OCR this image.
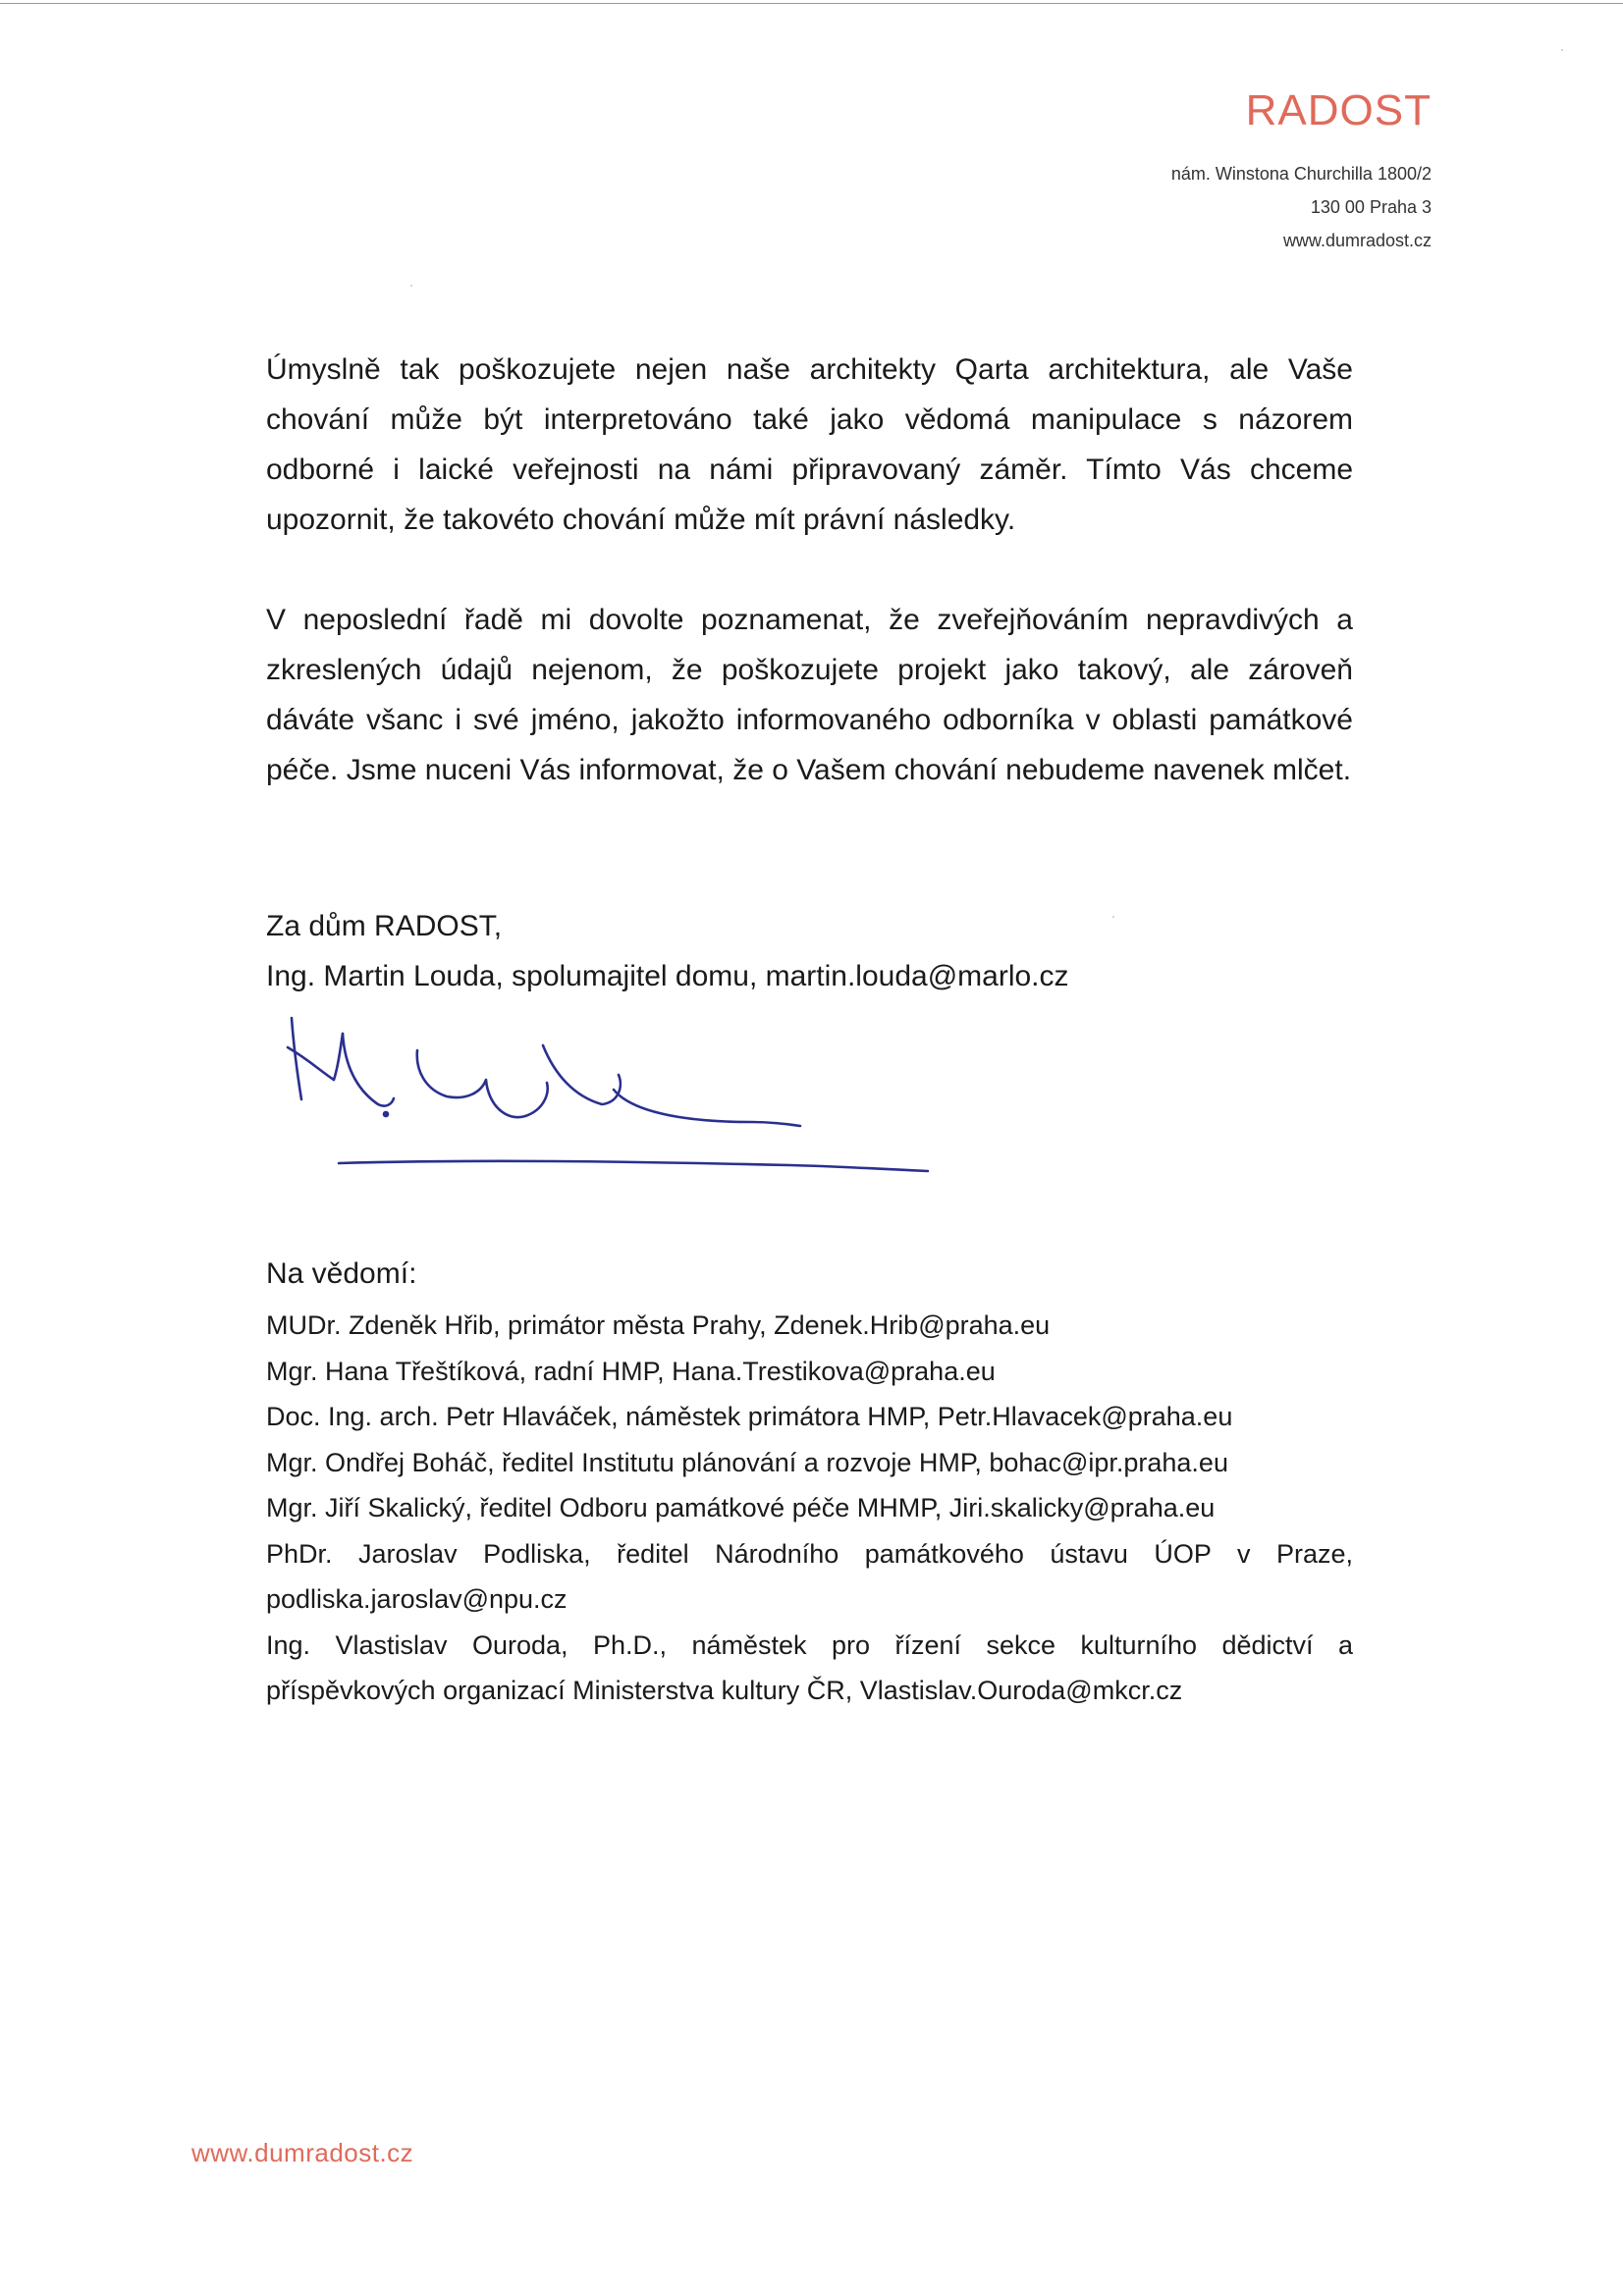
RADOST
nám. Winstona Churchilla 1800/2
130 00 Praha 3
www.dumradost.cz

Úmyslně tak poškozujete nejen naše architekty Qarta architektura, ale Vaše chování může být interpretováno také jako vědomá manipulace s názorem odborné i laické veřejnosti na námi připravovaný záměr. Tímto Vás chceme upozornit, že takovéto chování může mít právní následky.

V neposlední řadě mi dovolte poznamenat, že zveřejňováním nepravdivých a zkreslených údajů nejenom, že poškozujete projekt jako takový, ale zároveň dáváte všanc i své jméno, jakožto informovaného odborníka v oblasti památkové péče. Jsme nuceni Vás informovat, že o Vašem chování nebudeme navenek mlčet.

Za dům RADOST,
Ing. Martin Louda, spolumajitel domu, martin.louda@marlo.cz
Na vědomí:
MUDr. Zdeněk Hřib, primátor města Prahy, Zdenek.Hrib@praha.eu
Mgr. Hana Třeštíková, radní HMP, Hana.Trestikova@praha.eu
Doc. Ing. arch. Petr Hlaváček, náměstek primátora HMP, Petr.Hlavacek@praha.eu
Mgr. Ondřej Boháč, ředitel Institutu plánování a rozvoje HMP, bohac@ipr.praha.eu
Mgr. Jiří Skalický, ředitel Odboru památkové péče MHMP, Jiri.skalicky@praha.eu
PhDr. Jaroslav Podliska, ředitel Národního památkového ústavu ÚOP v Praze, podliska.jaroslav@npu.cz
Ing. Vlastislav Ouroda, Ph.D., náměstek pro řízení sekce kulturního dědictví a příspěvkových organizací Ministerstva kultury ČR, Vlastislav.Ouroda@mkcr.cz
www.dumradost.cz
